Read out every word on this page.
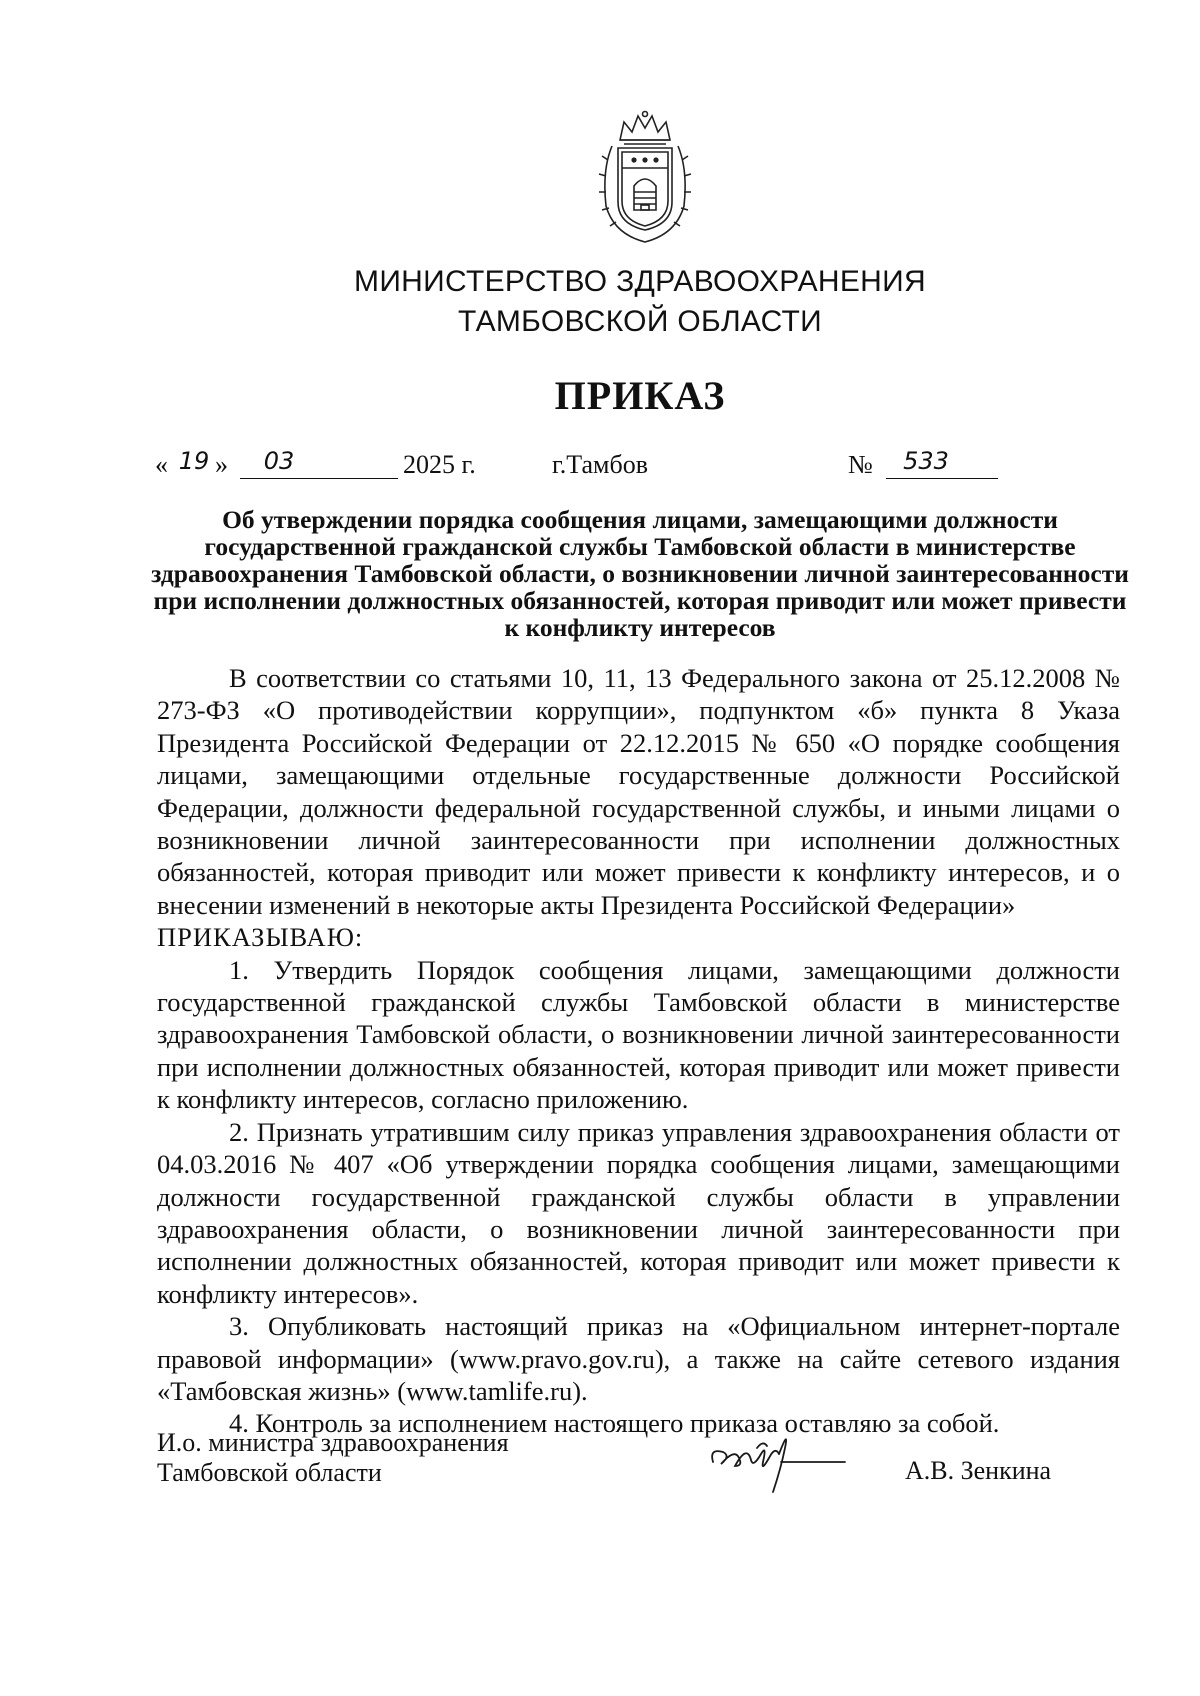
МИНИСТЕРСТВО ЗДРАВООХРАНЕНИЯ
ТАМБОВСКОЙ ОБЛАСТИ
ПРИКАЗ
« 19 »	03	2025 г.	г.Тамбов	№	533
Об утверждении порядка сообщения лицами, замещающими должности государственной гражданской службы Тамбовской области в министерстве здравоохранения Тамбовской области, о возникновении личной заинтересованности при исполнении должностных обязанностей, которая приводит или может привести к конфликту интересов

В соответствии со статьями 10, 11, 13 Федерального закона от 25.12.2008 № 273-ФЗ «О противодействии коррупции», подпунктом «б» пункта 8 Указа Президента Российской Федерации от 22.12.2015 № 650 «О порядке сообщения лицами, замещающими отдельные государственные должности Российской Федерации, должности федеральной государственной службы, и иными лицами о возникновении личной заинтересованности при исполнении должностных обязанностей, которая приводит или может привести к конфликту интересов, и о внесении изменений в некоторые акты Президента Российской Федерации»

ПРИКАЗЫВАЮ:

1. Утвердить Порядок сообщения лицами, замещающими должности государственной гражданской службы Тамбовской области в министерстве здравоохранения Тамбовской области, о возникновении личной заинтересованности при исполнении должностных обязанностей, которая приводит или может привести к конфликту интересов, согласно приложению.

2. Признать утратившим силу приказ управления здравоохранения области от 04.03.2016 № 407 «Об утверждении порядка сообщения лицами, замещающими должности государственной гражданской службы области в управлении здравоохранения области, о возникновении личной заинтересованности при исполнении должностных обязанностей, которая приводит или может привести к конфликту интересов».

3. Опубликовать настоящий приказ на «Официальном интернет-портале правовой информации» (www.pravo.gov.ru), а также на сайте сетевого издания «Тамбовская жизнь» (www.tamlife.ru).

4. Контроль за исполнением настоящего приказа оставляю за собой.

И.о. министра здравоохранения
Тамбовской области	А.В. Зенкина
